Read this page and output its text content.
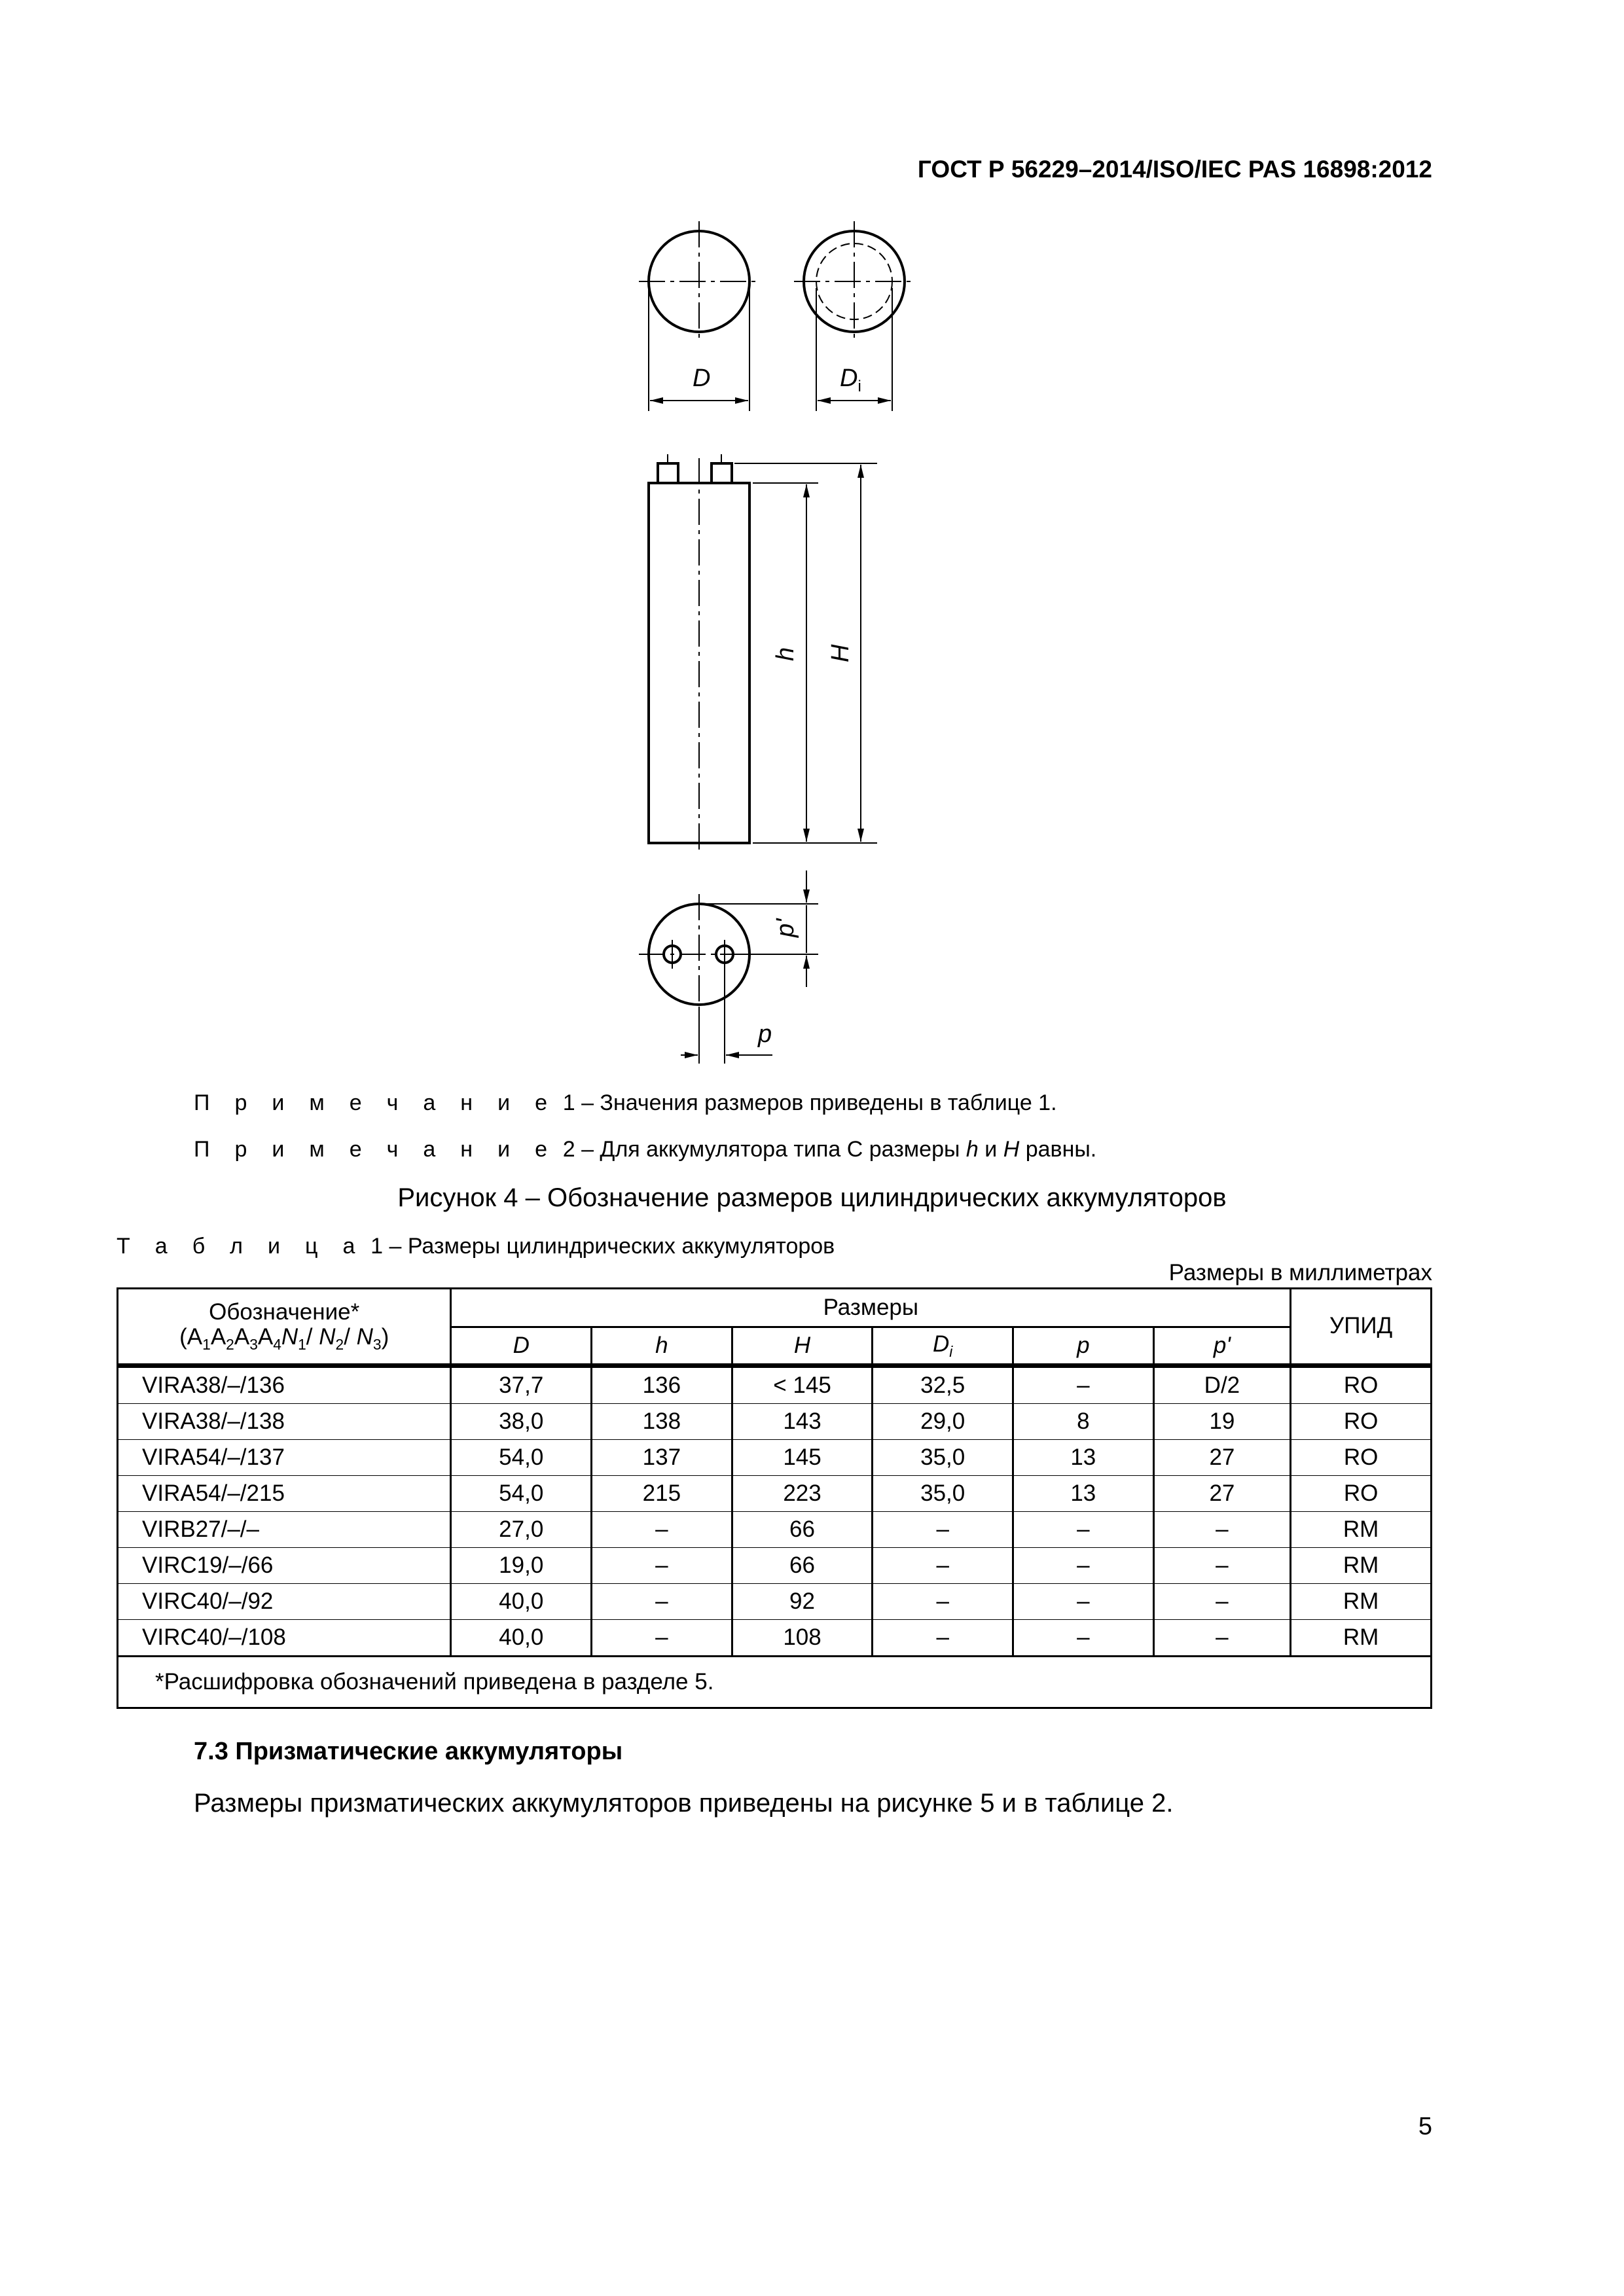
ГОСТ Р 56229–2014/ISO/IEC PAS 16898:2012
D	$D_i$
h H
p'
p
П р и м е ч а н и е 1 – Значения размеров приведены в таблице 1.
П р и м е ч а н и е 2 – Для аккумулятора типа С размеры h и H равны.
Рисунок 4 – Обозначение размеров цилиндрических аккумуляторов
Т а б л и ц а 1 – Размеры цилиндрических аккумуляторов
Размеры в миллиметрах
Обозначение*
($A_1A_2A_3A_4N_1/$ $N_2/$ $N_3$)	Размеры						УПИД
	D	h	H	$D_i$	p	p'	
VIRA38/–/136	37,7	136	< 145	32,5	–	D/2	RO
VIRA38/–/138	38,0	138	143	29,0	8	19	RO
VIRA54/–/137	54,0	137	145	35,0	13	27	RO
VIRA54/–/215	54,0	215	223	35,0	13	27	RO
VIRB27/–/–	27,0	–	66	–	–	–	RM
VIRC19/–/66	19,0	–	66	–	–	–	RM
VIRC40/–/92	40,0	–	92	–	–	–	RM
VIRC40/–/108	40,0	–	108	–	–	–	RM
*Расшифровка обозначений приведена в разделе 5.							
7.3 Призматические аккумуляторы
Размеры призматических аккумуляторов приведены на рисунке 5 и в таблице 2.
5
